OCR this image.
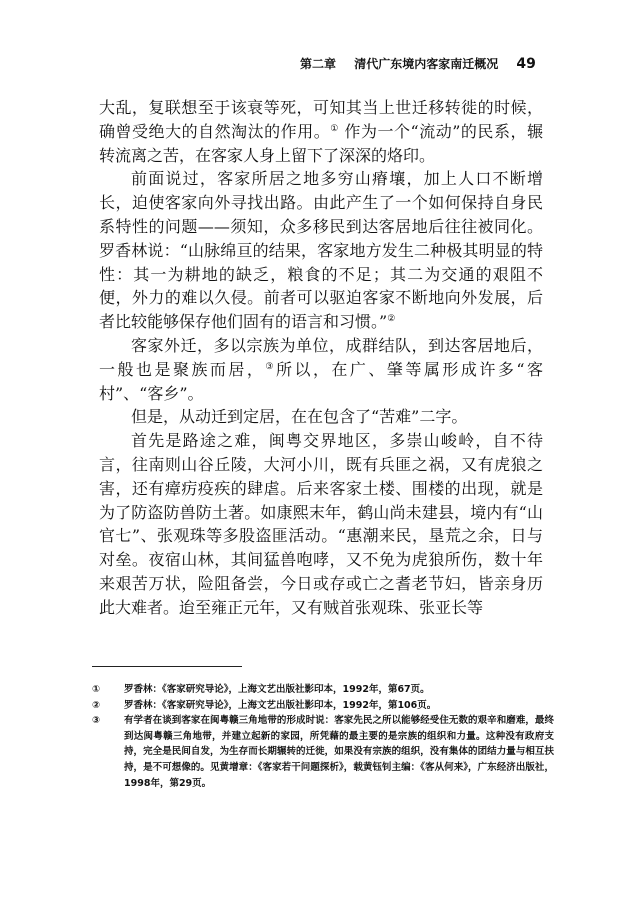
第二章 清代广东境内客家南迁概况 49

大乱，复联想至于该衰等死，可知其当上世迁移转徙的时候，确曾受绝大的自然淘汰的作用。① 作为一个“流动”的民系，辗转流离之苦，在客家人身上留下了深深的烙印。

前面说过，客家所居之地多穷山瘠壤，加上人口不断增长，迫使客家向外寻找出路。由此产生了一个如何保持自身民系特性的问题——须知，众多移民到达客居地后往往被同化。罗香林说：“山脉绵亘的结果，客家地方发生二种极其明显的特性：其一为耕地的缺乏，粮食的不足；其二为交通的艰阻不便，外力的难以久侵。前者可以驱迫客家不断地向外发展，后者比较能够保存他们固有的语言和习惯。”②

客家外迁，多以宗族为单位，成群结队，到达客居地后，一般也是聚族而居，③所以，在广、肇等属形成许多“客村”、“客乡”。

但是，从动迁到定居，在在包含了“苦难”二字。

首先是路途之难，闽粤交界地区，多崇山峻岭，自不待言，往南则山谷丘陵，大河小川，既有兵匪之祸，又有虎狼之害，还有瘴疠疫疾的肆虐。后来客家土楼、围楼的出现，就是为了防盗防兽防土著。如康熙末年，鹤山尚未建县，境内有“山官七”、张观珠等多股盗匪活动。“惠潮来民，垦荒之余，日与对垒。夜宿山林，其间猛兽咆哮，又不免为虎狼所伤，数十年来艰苦万状，险阻备尝，今日或存或亡之耆老节妇，皆亲身历此大难者。迨至雍正元年，又有贼首张观珠、张亚长等

①	罗香林：《客家研究导论》，上海文艺出版社影印本，1992年，第67页。
②	罗香林：《客家研究导论》，上海文艺出版社影印本，1992年，第106页。
③	有学者在谈到客家在闽粤赣三角地带的形成时说：客家先民之所以能够经受住无数的艰辛和磨难，最终到达闽粤赣三角地带，并建立起新的家园，所凭藉的最主要的是宗族的组织和力量。这种没有政府支持，完全是民间自发，为生存而长期辗转的迁徙，如果没有宗族的组织，没有集体的团结力量与相互扶持，是不可想像的。见黄增章：《客家若干问题探析》，载黄钰钊主编：《客从何来》，广东经济出版社，1998年，第29页。
